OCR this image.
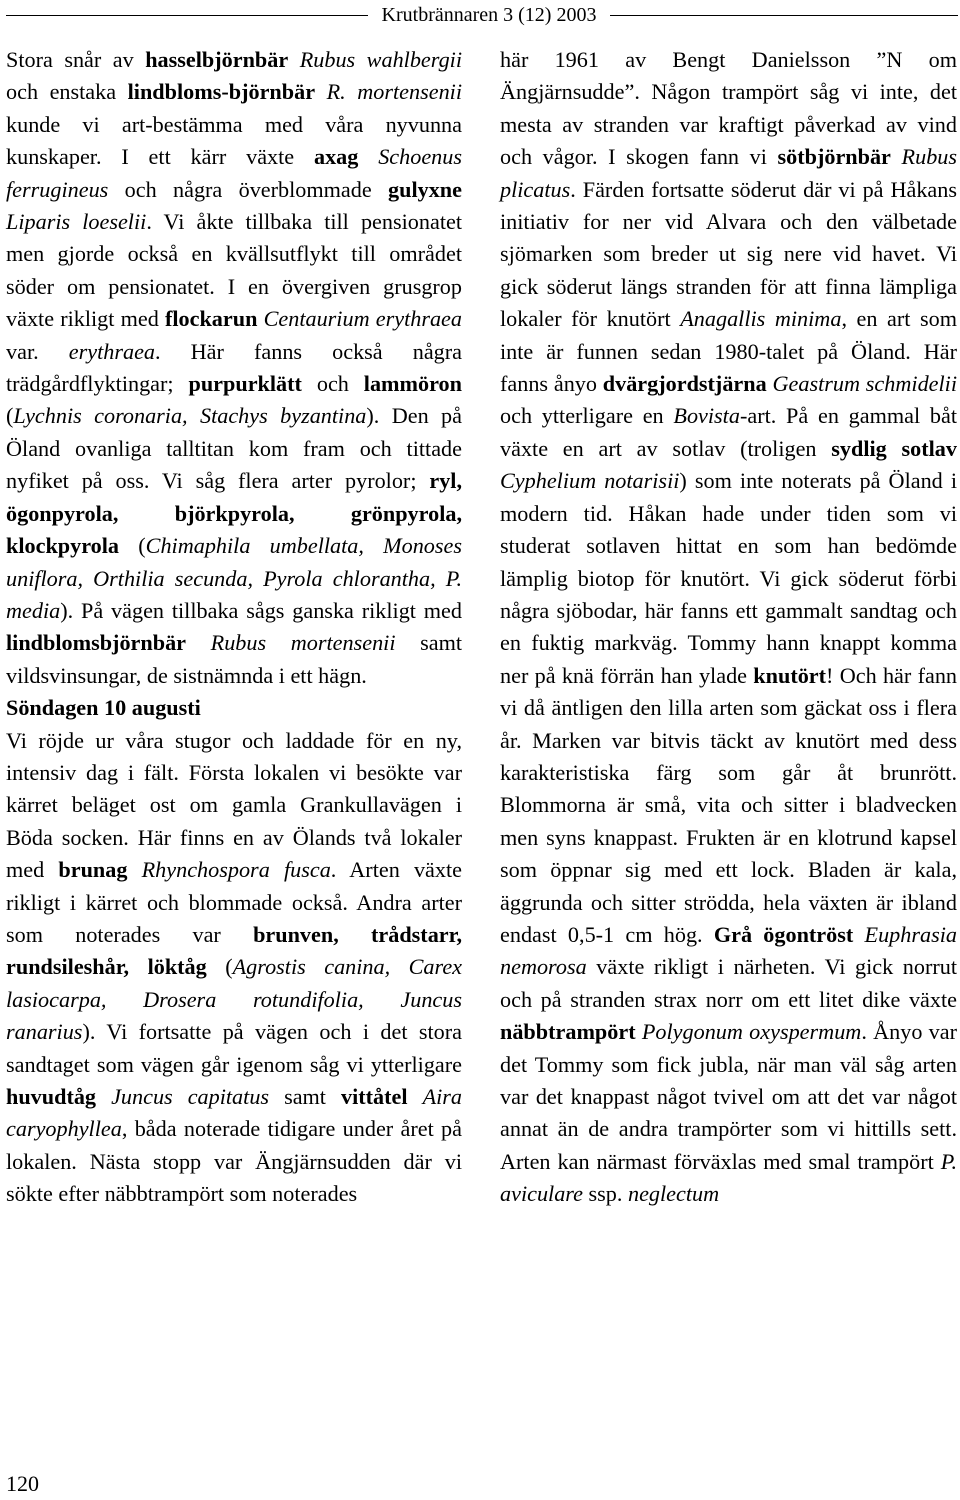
Krutbrännaren 3 (12) 2003

Stora snår av hasselbjörnbär Rubus wahlbergii och enstaka lindbloms-björnbär R. mortensenii kunde vi art-bestämma med våra nyvunna kunskaper. I ett kärr växte axag Schoenus ferrugineus och några överblommade gulyxne Liparis loeselii. Vi åkte tillbaka till pensionatet men gjorde också en kvällsutflykt till området söder om pensionatet. I en övergiven grusgrop växte rikligt med flockarun Centaurium erythraea var. erythraea. Här fanns också några trädgårdflyktingar; purpurklätt och lammöron (Lychnis coronaria, Stachys byzantina). Den på Öland ovanliga talltitan kom fram och tittade nyfiket på oss. Vi såg flera arter pyrolor; ryl, ögonpyrola, björkpyrola, grönpyrola, klockpyrola (Chimaphila umbellata, Monoses uniflora, Orthilia secunda, Pyrola chlorantha, P. media). På vägen tillbaka sågs ganska rikligt med lindblomsbjörnbär Rubus mortensenii samt vildsvinsungar, de sistnämnda i ett hägn.

Söndagen 10 augusti

Vi röjde ur våra stugor och laddade för en ny, intensiv dag i fält. Första lokalen vi besökte var kärret beläget ost om gamla Grankullavägen i Böda socken. Här finns en av Ölands två lokaler med brunag Rhynchospora fusca. Arten växte rikligt i kärret och blommade också. Andra arter som noterades var brunven, trådstarr, rundsileshår, löktåg (Agrostis canina, Carex lasiocarpa, Drosera rotundifolia, Juncus ranarius). Vi fortsatte på vägen och i det stora sandtaget som vägen går igenom såg vi ytterligare huvudtåg Juncus capitatus samt vittåtel Aira caryophyllea, båda noterade tidigare under året på lokalen. Nästa stopp var Ängjärnsudden där vi sökte efter näbbtrampört som noterades

här 1961 av Bengt Danielsson ”N om Ängjärnsudde”. Någon trampört såg vi inte, det mesta av stranden var kraftigt påverkad av vind och vågor. I skogen fann vi sötbjörnbär Rubus plicatus. Färden fortsatte söderut där vi på Håkans initiativ for ner vid Alvara och den välbetade sjömarken som breder ut sig nere vid havet. Vi gick söderut längs stranden för att finna lämpliga lokaler för knutört Anagallis minima, en art som inte är funnen sedan 1980-talet på Öland. Här fanns ånyo dvärgjordstjärna Geastrum schmidelii och ytterligare en Bovista-art. På en gammal båt växte en art av sotlav (troligen sydlig sotlav Cyphelium notarisii) som inte noterats på Öland i modern tid. Håkan hade under tiden som vi studerat sotlaven hittat en som han bedömde lämplig biotop för knutört. Vi gick söderut förbi några sjöbodar, här fanns ett gammalt sandtag och en fuktig markväg. Tommy hann knappt komma ner på knä förrän han ylade knutört! Och här fann vi då äntligen den lilla arten som gäckat oss i flera år. Marken var bitvis täckt av knutört med dess karakteristiska färg som går åt brunrött. Blommorna är små, vita och sitter i bladvecken men syns knappast. Frukten är en klotrund kapsel som öppnar sig med ett lock. Bladen är kala, äggrunda och sitter strödda, hela växten är ibland endast 0,5-1 cm hög. Grå ögontröst Euphrasia nemorosa växte rikligt i närheten. Vi gick norrut och på stranden strax norr om ett litet dike växte näbbtrampört Polygonum oxyspermum. Ånyo var det Tommy som fick jubla, när man väl såg arten var det knappast något tvivel om att det var något annat än de andra trampörter som vi hittills sett. Arten kan närmast förväxlas med smal trampört P. aviculare ssp. neglectum

120
